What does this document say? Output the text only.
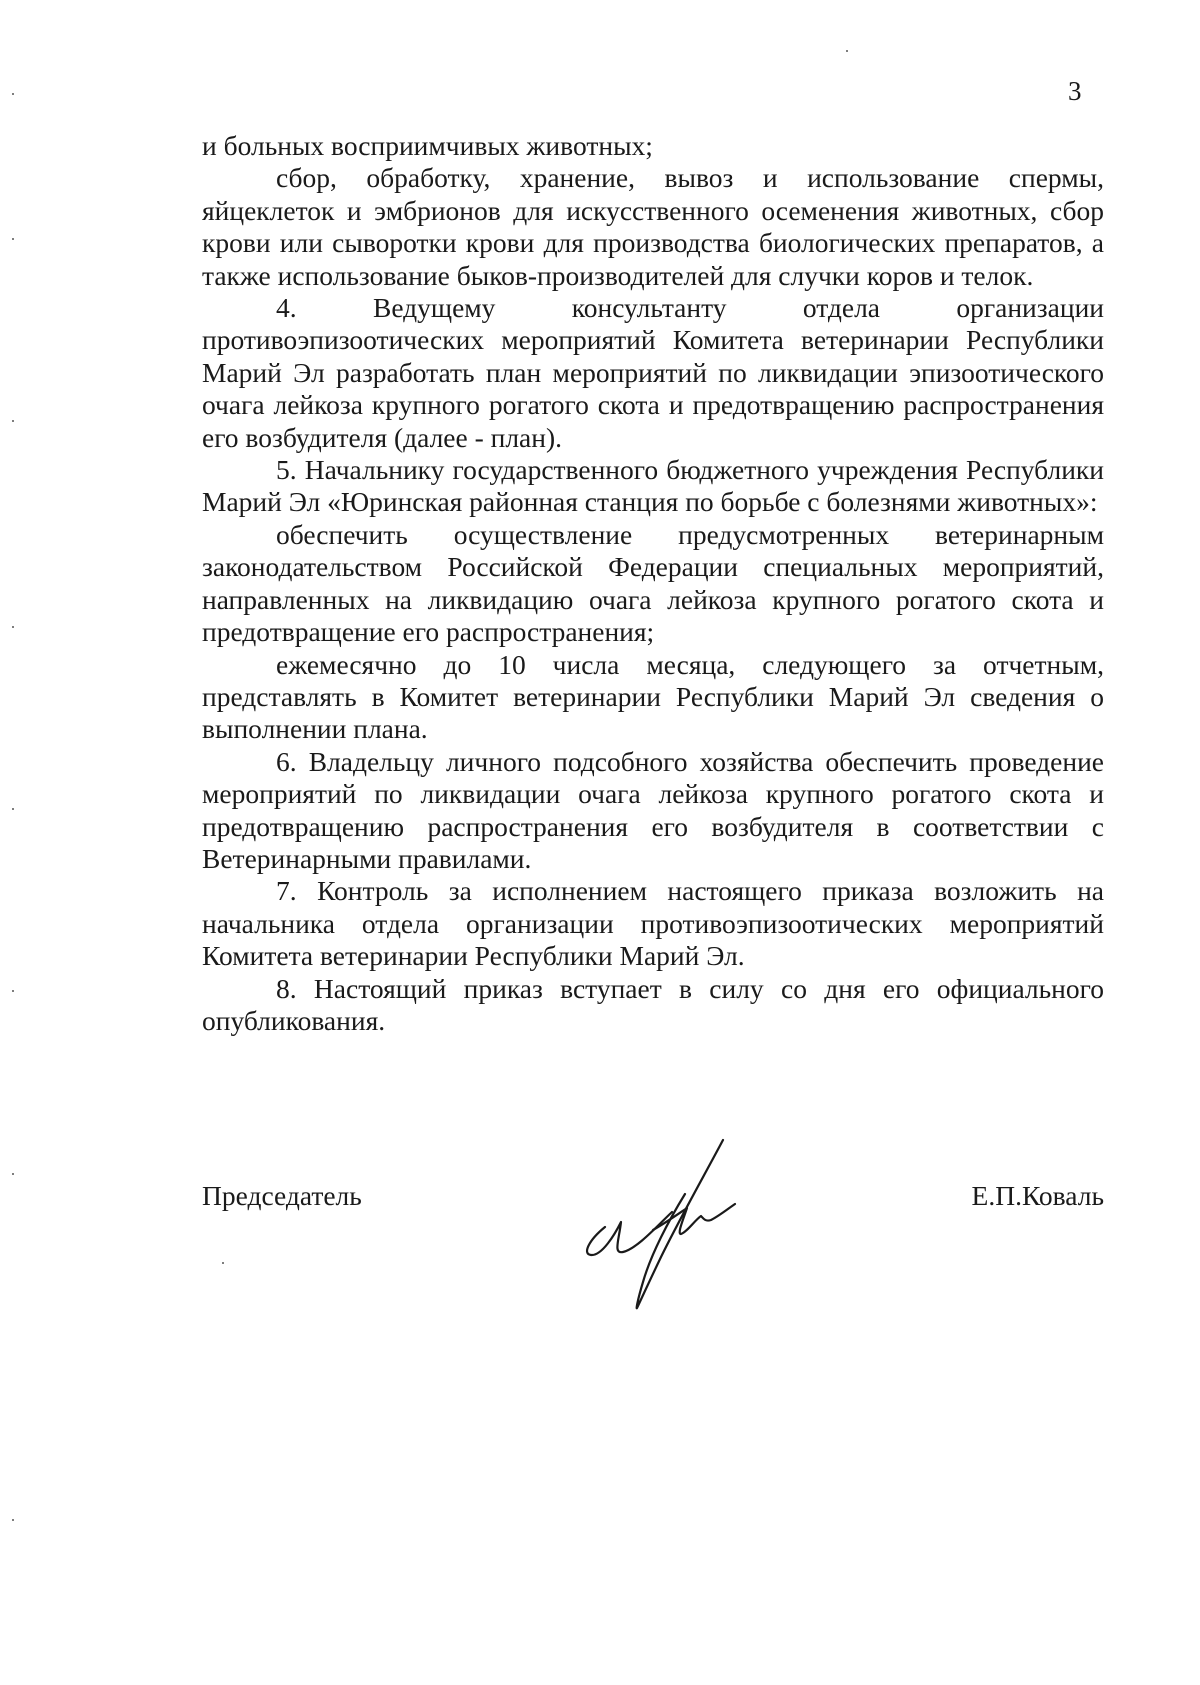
3

и больных восприимчивых животных;

сбор, обработку, хранение, вывоз и использование спермы, яйцеклеток и эмбрионов для искусственного осеменения животных, сбор крови или сыворотки крови для производства биологических препаратов, а также использование быков-производителей для случки коров и телок.

4. Ведущему консультанту отдела организации противоэпизоотических мероприятий Комитета ветеринарии Республики Марий Эл разработать план мероприятий по ликвидации эпизоотического очага лейкоза крупного рогатого скота и предотвращению распространения его возбудителя (далее - план).

5. Начальнику государственного бюджетного учреждения Республики Марий Эл «Юринская районная станция по борьбе с болезнями животных»:

обеспечить осуществление предусмотренных ветеринарным законодательством Российской Федерации специальных мероприятий, направленных на ликвидацию очага лейкоза крупного рогатого скота и предотвращение его распространения;

ежемесячно до 10 числа месяца, следующего за отчетным, представлять в Комитет ветеринарии Республики Марий Эл сведения о выполнении плана.

6. Владельцу личного подсобного хозяйства обеспечить проведение мероприятий по ликвидации очага лейкоза крупного рогатого скота и предотвращению распространения его возбудителя в соответствии с Ветеринарными правилами.

7. Контроль за исполнением настоящего приказа возложить на начальника отдела организации противоэпизоотических мероприятий Комитета ветеринарии Республики Марий Эл.

8. Настоящий приказ вступает в силу со дня его официального опубликования.

Председатель	Е.П.Коваль
